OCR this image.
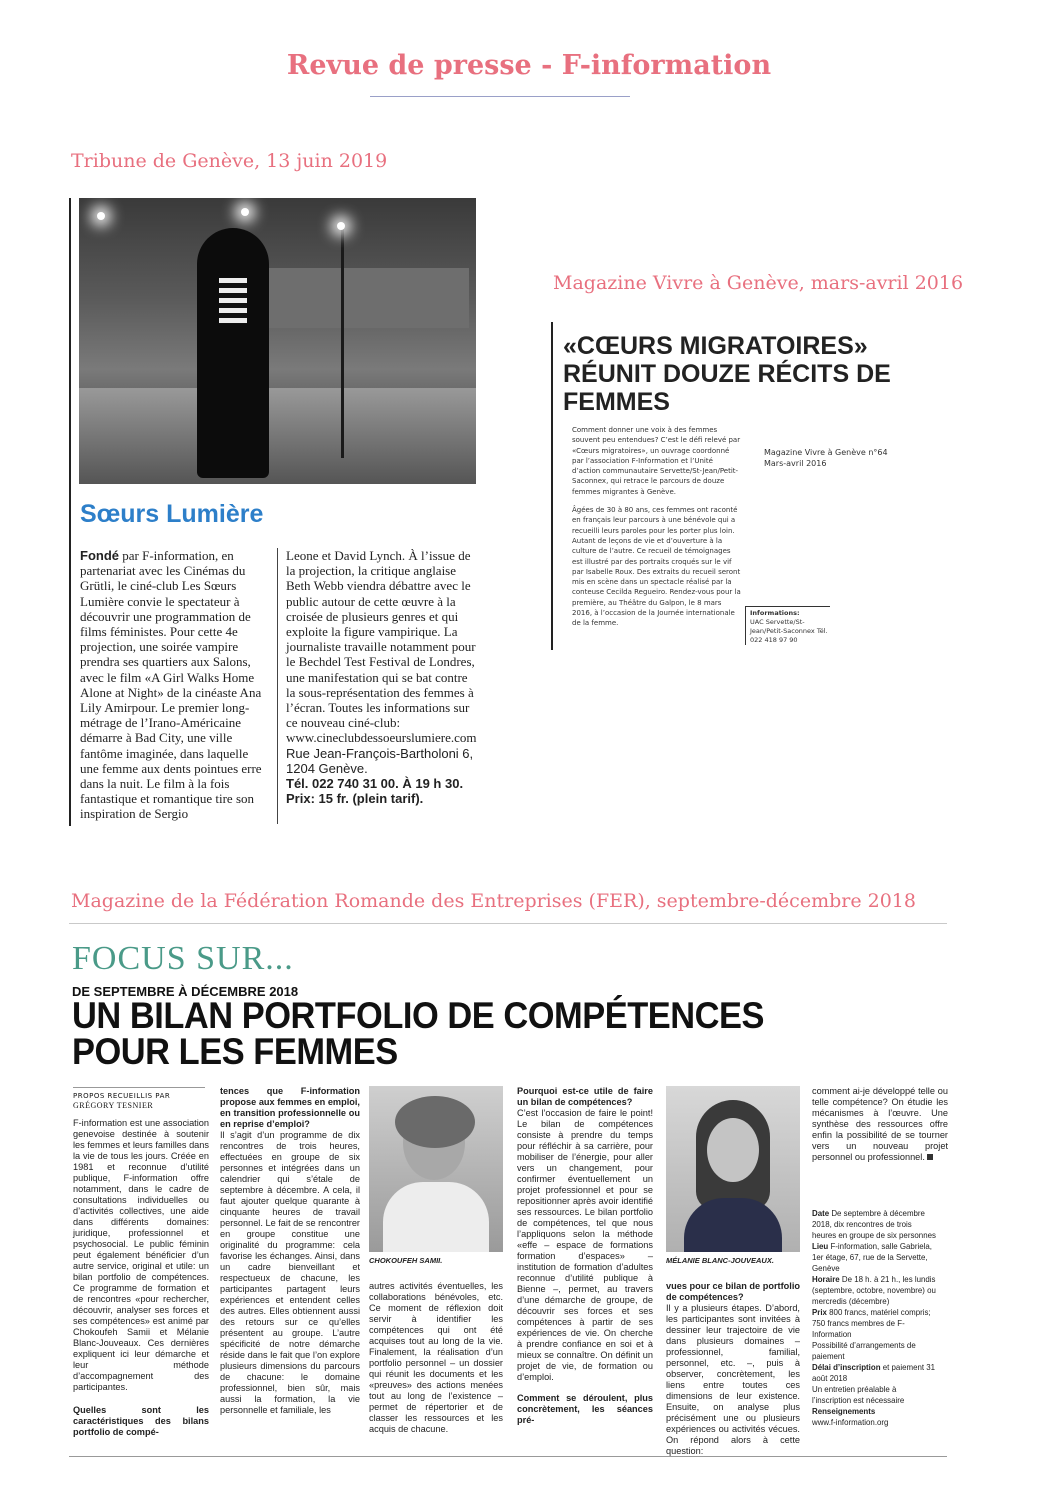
Revue de presse - F-information
Tribune de Genève, 13 juin 2019
Sœurs Lumière
Fondé par F-information, en partenariat avec les Cinémas du Grütli, le ciné-club Les Sœurs Lumière convie le spectateur à découvrir une programmation de films féministes. Pour cette 4e projection, une soirée vampire prendra ses quartiers aux Salons, avec le film «A Girl Walks Home Alone at Night» de la cinéaste Ana Lily Amirpour. Le premier long-métrage de l’Irano-Américaine démarre à Bad City, une ville fantôme imaginée, dans laquelle une femme aux dents pointues erre dans la nuit. Le film à la fois fantastique et romantique tire son inspiration de Sergio
Leone et David Lynch. À l’issue de la projection, la critique anglaise Beth Webb viendra débattre avec le public autour de cette œuvre à la croisée de plusieurs genres et qui exploite la figure vampirique. La journaliste travaille notamment pour le Bechdel Test Festival de Londres, une manifestation qui se bat contre la sous-représentation des femmes à l’écran. Toutes les informations sur ce nouveau ciné-club: www.cineclubdessoeurslumiere.com
Rue Jean-François-Bartholoni 6, 1204 Genève.
Tél. 022 740 31 00. À 19 h 30. Prix: 15 fr. (plein tarif).
Magazine Vivre à Genève, mars-avril 2016
«CŒURS MIGRATOIRES» RÉUNIT DOUZE RÉCITS DE FEMMES

Comment donner une voix à des femmes souvent peu entendues? C’est le défi relevé par «Cœurs migratoires», un ouvrage coordonné par l’association F-Information et l’Unité d’action communautaire Servette/St-Jean/Petit-Saconnex, qui retrace le parcours de douze femmes migrantes à Genève.

Âgées de 30 à 80 ans, ces femmes ont raconté en français leur parcours à une bénévole qui a recueilli leurs paroles pour les porter plus loin. Autant de leçons de vie et d’ouverture à la culture de l’autre. Ce recueil de témoignages est illustré par des portraits croqués sur le vif par Isabelle Roux. Des extraits du recueil seront mis en scène dans un spectacle réalisé par la conteuse Cecilda Regueiro. Rendez-vous pour la première, au Théâtre du Galpon, le 8 mars 2016, à l’occasion de la Journée internationale de la femme.

Magazine Vivre à Genève n°64
Mars-avril 2016
Informations:
UAC Servette/St-Jean/Petit-Saconnex Tél. 022 418 97 90
Magazine de la Fédération Romande des Entreprises (FER), septembre-décembre 2018
FOCUS SUR...
DE SEPTEMBRE À DÉCEMBRE 2018
UN BILAN PORTFOLIO DE COMPÉTENCES POUR LES FEMMES
PROPOS RECUEILLIS PAR
GRÉGORY TESNIER
F-information est une association genevoise destinée à soutenir les femmes et leurs familles dans la vie de tous les jours. Créée en 1981 et reconnue d’utilité publique, F-information offre notamment, dans le cadre de consultations individuelles ou d’activités collectives, une aide dans différents domaines: juridique, professionnel et psychosocial. Le public féminin peut également bénéficier d’un autre service, original et utile: un bilan portfolio de compétences. Ce programme de formation et de rencontres «pour rechercher, découvrir, analyser ses forces et ses compétences» est animé par Chokoufeh Samii et Mélanie Blanc-Jouveaux. Ces dernières expliquent ici leur démarche et leur méthode d’accompagnement des participantes.
Quelles sont les caractéristiques des bilans portfolio de compé-
tences que F-information propose aux femmes en emploi, en transition professionnelle ou en reprise d’emploi?
Il s’agit d’un programme de dix rencontres de trois heures, effectuées en groupe de six personnes et intégrées dans un calendrier qui s’étale de septembre à décembre. A cela, il faut ajouter quelque quarante à cinquante heures de travail personnel. Le fait de se rencontrer en groupe constitue une originalité du programme: cela favorise les échanges. Ainsi, dans un cadre bienveillant et respectueux de chacune, les participantes partagent leurs expériences et entendent celles des autres. Elles obtiennent aussi des retours sur ce qu’elles présentent au groupe. L’autre spécificité de notre démarche réside dans le fait que l’on explore plusieurs dimensions du parcours de chacune: le domaine professionnel, bien sûr, mais aussi la formation, la vie personnelle et familiale, les
CHOKOUFEH SAMII.
autres activités éventuelles, les collaborations bénévoles, etc. Ce moment de réflexion doit servir à identifier les compétences qui ont été acquises tout au long de la vie. Finalement, la réalisation d’un portfolio personnel – un dossier qui réunit les documents et les «preuves» des actions menées tout au long de l’existence – permet de répertorier et de classer les ressources et les acquis de chacune.
Pourquoi est-ce utile de faire un bilan de compétences?
C’est l’occasion de faire le point! Le bilan de compétences consiste à prendre du temps pour réfléchir à sa carrière, pour mobiliser de l’énergie, pour aller vers un changement, pour confirmer éventuellement un projet professionnel et pour se repositionner après avoir identifié ses ressources. Le bilan portfolio de compétences, tel que nous l’appliquons selon la méthode «effe – espace de formations formation d’espaces» – institution de formation d’adultes reconnue d’utilité publique à Bienne –, permet, au travers d’une démarche de groupe, de découvrir ses forces et ses compétences à partir de ses expériences de vie. On cherche à prendre confiance en soi et à mieux se connaître. On définit un projet de vie, de formation ou d’emploi.
Comment se déroulent, plus concrètement, les séances pré-
MÉLANIE BLANC-JOUVEAUX.
vues pour ce bilan de portfolio de compétences?
Il y a plusieurs étapes. D’abord, les participantes sont invitées à dessiner leur trajectoire de vie dans plusieurs domaines – professionnel, familial, personnel, etc. –, puis à observer, concrètement, les liens entre toutes ces dimensions de leur existence. Ensuite, on analyse plus précisément une ou plusieurs expériences ou activités vécues. On répond alors à cette question:
comment ai-je développé telle ou telle compétence? On étudie les mécanismes à l’œuvre. Une synthèse des ressources offre enfin la possibilité de se tourner vers un nouveau projet personnel ou professionnel.
Date De septembre à décembre 2018, dix rencontres de trois heures en groupe de six personnes
Lieu F-information, salle Gabriela, 1er étage, 67, rue de la Servette, Genève
Horaire De 18 h. à 21 h., les lundis (septembre, octobre, novembre) ou mercredis (décembre)
Prix 800 francs, matériel compris; 750 francs membres de F-Information
Possibilité d’arrangements de paiement
Délai d’inscription et paiement 31 août 2018
Un entretien préalable à l’inscription est nécessaire
Renseignements
www.f-information.org
